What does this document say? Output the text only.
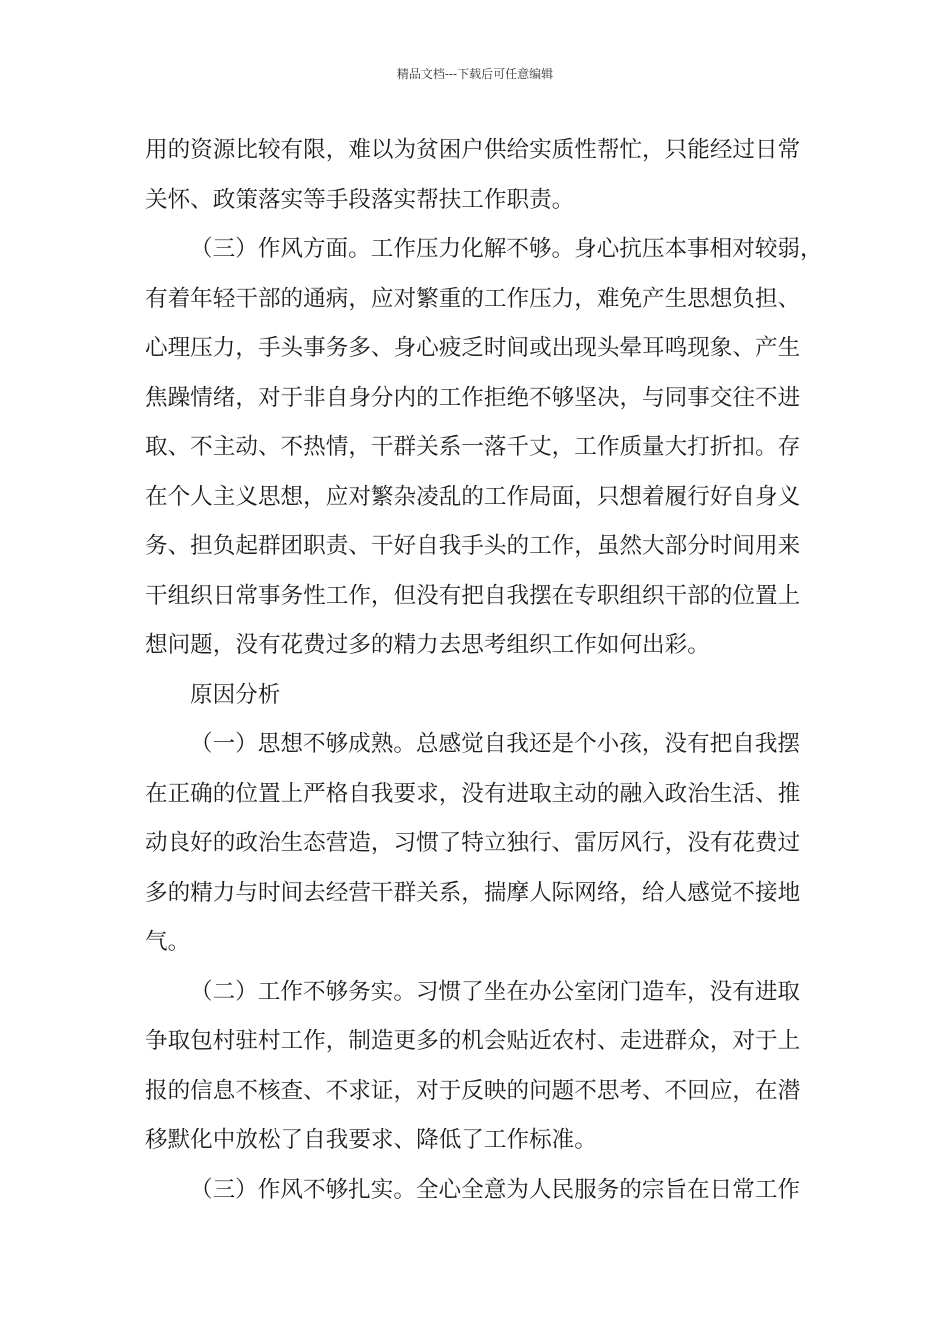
精品文档---下载后可任意编辑
用的资源比较有限，难以为贫困户供给实质性帮忙，只能经过日常
关怀、政策落实等手段落实帮扶工作职责。
（三）作风方面。工作压力化解不够。身心抗压本事相对较弱，
有着年轻干部的通病，应对繁重的工作压力，难免产生思想负担、
心理压力，手头事务多、身心疲乏时间或出现头晕耳鸣现象、产生
焦躁情绪，对于非自身分内的工作拒绝不够坚决，与同事交往不进
取、不主动、不热情，干群关系一落千丈，工作质量大打折扣。存
在个人主义思想，应对繁杂凌乱的工作局面，只想着履行好自身义
务、担负起群团职责、干好自我手头的工作，虽然大部分时间用来
干组织日常事务性工作，但没有把自我摆在专职组织干部的位置上
想问题，没有花费过多的精力去思考组织工作如何出彩。
原因分析
（一）思想不够成熟。总感觉自我还是个小孩，没有把自我摆
在正确的位置上严格自我要求，没有进取主动的融入政治生活、推
动良好的政治生态营造，习惯了特立独行、雷厉风行，没有花费过
多的精力与时间去经营干群关系，揣摩人际网络，给人感觉不接地
气。
（二）工作不够务实。习惯了坐在办公室闭门造车，没有进取
争取包村驻村工作，制造更多的机会贴近农村、走进群众，对于上
报的信息不核查、不求证，对于反映的问题不思考、不回应，在潜
移默化中放松了自我要求、降低了工作标准。
（三）作风不够扎实。全心全意为人民服务的宗旨在日常工作
